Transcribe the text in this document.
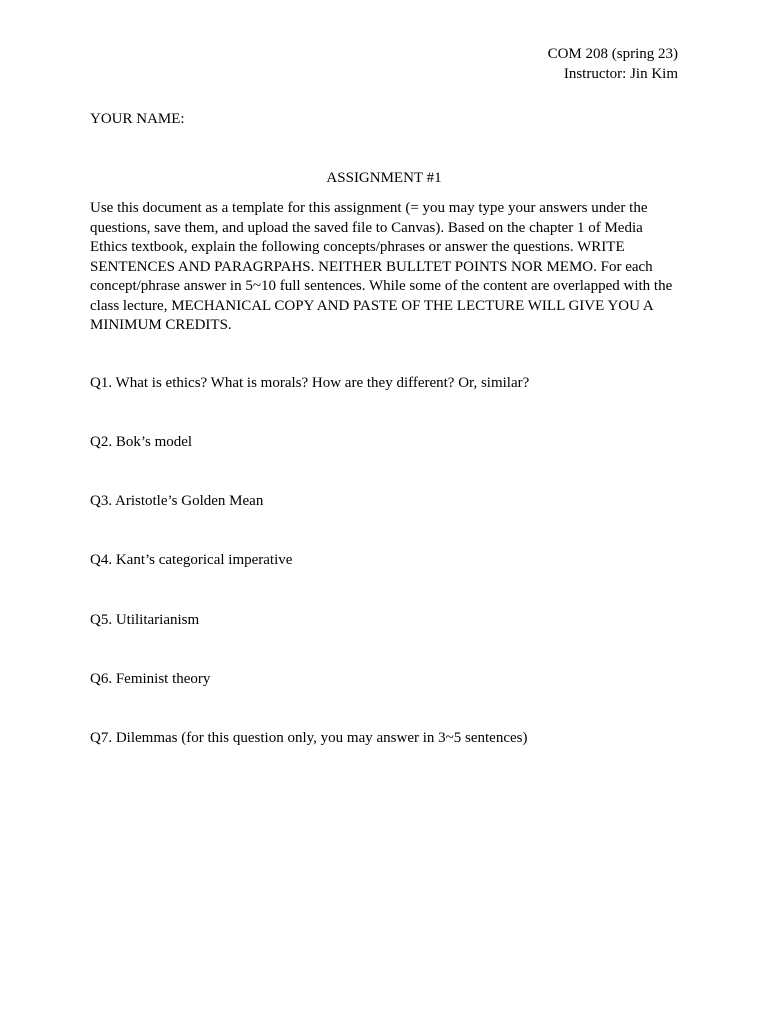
COM 208 (spring 23)
Instructor: Jin Kim
YOUR NAME:
ASSIGNMENT #1

Use this document as a template for this assignment (= you may type your answers under the questions, save them, and upload the saved file to Canvas). Based on the chapter 1 of Media Ethics textbook, explain the following concepts/phrases or answer the questions. WRITE SENTENCES AND PARAGRPAHS. NEITHER BULLTET POINTS NOR MEMO. For each concept/phrase answer in 5~10 full sentences. While some of the content are overlapped with the class lecture, MECHANICAL COPY AND PASTE OF THE LECTURE WILL GIVE YOU A MINIMUM CREDITS.

Q1. What is ethics? What is morals? How are they different? Or, similar?
Q2. Bok’s model
Q3. Aristotle’s Golden Mean
Q4. Kant’s categorical imperative
Q5. Utilitarianism
Q6. Feminist theory
Q7. Dilemmas (for this question only, you may answer in 3~5 sentences)
